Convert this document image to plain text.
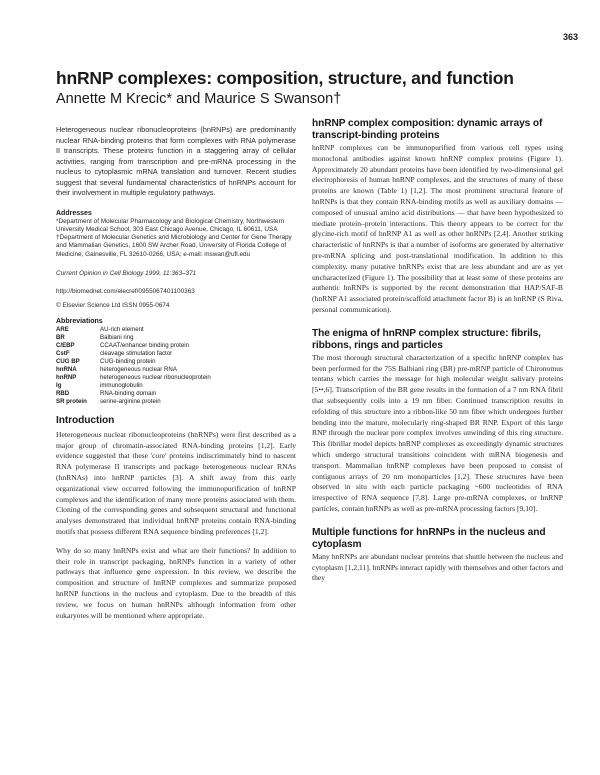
363
hnRNP complexes: composition, structure, and function

Annette M Krecic* and Maurice S Swanson†

Heterogeneous nuclear ribonucleoproteins (hnRNPs) are predominantly nuclear RNA-binding proteins that form complexes with RNA polymerase II transcripts. These proteins function in a staggering array of cellular activities, ranging from transcription and pre-mRNA processing in the nucleus to cytoplasmic mRNA translation and turnover. Recent studies suggest that several fundamental characteristics of hnRNPs account for their involvement in multiple regulatory pathways.

Addresses

*Department of Molecular Pharmacology and Biological Chemistry, Northwestern University Medical School, 303 East Chicago Avenue, Chicago, IL 60611, USA

†Department of Molecular Genetics and Microbiology and Center for Gene Therapy and Mammalian Genetics, 1600 SW Archer Road, University of Florida College of Medicine, Gainesville, FL 32610-0266, USA; e-mail: mswan@ufl.edu

Current Opinion in Cell Biology 1999, 11:363–371

http://biomednet.com/elecref/0955067401100363

© Elsevier Science Ltd ISSN 0955-0674

Abbreviations

ARE	AU-rich element
BR	Balbiani ring
C/EBP	CCAAT/enhancer binding protein
CstF	cleavage stimulation factor
CUG BP	CUG-binding protein
hnRNA	heterogeneous nuclear RNA
hnRNP	heterogeneous nuclear ribonucleoprotein
Ig	immunoglobulin
RBD	RNA-binding domain
SR protein	serine-arginine protein
Introduction

Heterogeneous nuclear ribonucleoproteins (hnRNPs) were first described as a major group of chromatin-associated RNA-binding proteins [1,2]. Early evidence suggested that these 'core' proteins indiscriminately bind to nascent RNA polymerase II transcripts and package heterogeneous nuclear RNAs (hnRNAs) into hnRNP particles [3]. A shift away from this early organizational view occurred following the immunopurification of hnRNP complexes and the identification of many more proteins associated with them. Cloning of the corresponding genes and subsequent structural and functional analyses demonstrated that individual hnRNP proteins contain RNA-binding motifs that possess different RNA sequence binding preferences [1,2].

Why do so many hnRNPs exist and what are their functions? In addition to their role in transcript packaging, hnRNPs function in a variety of other pathways that influence gene expression. In this review, we describe the composition and structure of hnRNP complexes and summarize proposed hnRNP functions in the nucleus and cytoplasm. Due to the breadth of this review, we focus on human hnRNPs although information from other eukaryotes will be mentioned where appropriate.

hnRNP complex composition: dynamic arrays of transcript-binding proteins

hnRNP complexes can be immunopurified from various cell types using monoclonal antibodies against known hnRNP complex proteins (Figure 1). Approximately 20 abundant proteins have been identified by two-dimensional gel electrophoresis of human hnRNP complexes, and the structures of many of these proteins are known (Table 1) [1,2]. The most prominent structural feature of hnRNPs is that they contain RNA-binding motifs as well as auxiliary domains — composed of unusual amino acid distributions — that have been hypothesized to mediate protein–protein interactions. This theory appears to be correct for the glycine-rich motif of hnRNP A1 as well as other hnRNPs [2,4]. Another striking characteristic of hnRNPs is that a number of isoforms are generated by alternative pre-mRNA splicing and post-translational modification. In addition to this complexity, many putative hnRNPs exist that are less abundant and are as yet uncharacterized (Figure 1). The possibility that at least some of these proteins are authentic hnRNPs is supported by the recent demonstration that HAP/SAF-B (hnRNP A1 associated protein/scaffold attachment factor B) is an hnRNP (S Riva, personal communication).

The enigma of hnRNP complex structure: fibrils, ribbons, rings and particles

The most thorough structural characterization of a specific hnRNP complex has been performed for the 75S Balbiani ring (BR) pre-mRNP particle of Chironomus tentans which carries the message for high molecular weight salivary proteins [5••,6]. Transcription of the BR gene results in the formation of a 7 nm RNA fibril that subsequently coils into a 19 nm fiber. Continued transcription results in refolding of this structure into a ribbon-like 50 nm fiber which undergoes further bending into the mature, molecularly ring-shaped BR RNP. Export of this large RNP through the nuclear pore complex involves unwinding of this ring structure. This fibrillar model depicts hnRNP complexes as exceedingly dynamic structures which undergo structural transitions coincident with mRNA biogenesis and transport. Mammalian hnRNP complexes have been proposed to consist of contiguous arrays of 20 nm monoparticles [1,2]. These structures have been observed in situ with each particle packaging ~600 nucleotides of RNA irrespective of RNA sequence [7,8]. Large pre-mRNA complexes, or hnRNP particles, contain hnRNPs as well as pre-mRNA processing factors [9,10].

Multiple functions for hnRNPs in the nucleus and cytoplasm

Many hnRNPs are abundant nuclear proteins that shuttle between the nucleus and cytoplasm [1,2,11]. hnRNPs interact rapidly with themselves and other factors and they
